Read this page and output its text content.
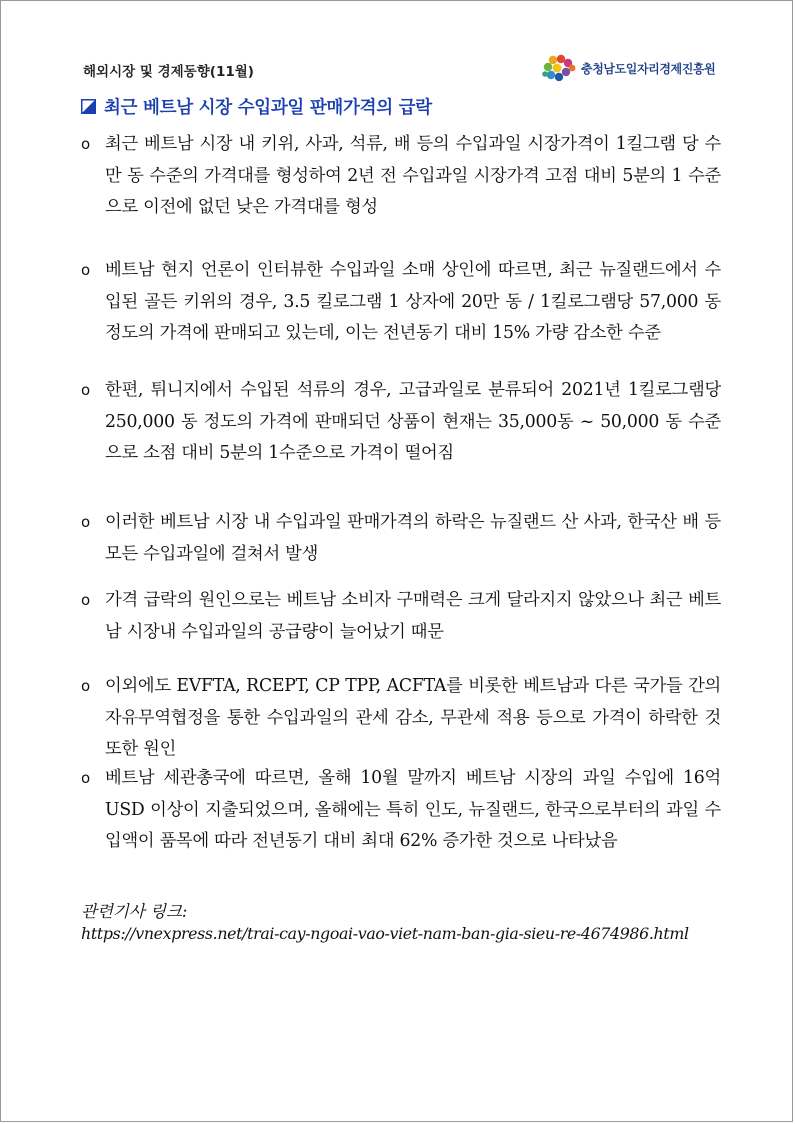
해외시장 및 경제동향(11월)	충청남도일자리경제진흥원
최근 베트남 시장 수입과일 판매가격의 급락
o 최근 베트남 시장 내 키위, 사과, 석류, 배 등의 수입과일 시장가격이 1킬그램 당 수만 동 수준의 가격대를 형성하여 2년 전 수입과일 시장가격 고점 대비 5분의 1 수준으로 이전에 없던 낮은 가격대를 형성
o 베트남 현지 언론이 인터뷰한 수입과일 소매 상인에 따르면, 최근 뉴질랜드에서 수입된 골든 키위의 경우, 3.5 킬로그램 1 상자에 20만 동 / 1킬로그램당 57,000 동 정도의 가격에 판매되고 있는데, 이는 전년동기 대비 15% 가량 감소한 수준
o 한편, 튀니지에서 수입된 석류의 경우, 고급과일로 분류되어 2021년 1킬로그램당 250,000 동 정도의 가격에 판매되던 상품이 현재는 35,000동 ~ 50,000 동 수준으로 소점 대비 5분의 1수준으로 가격이 떨어짐
o 이러한 베트남 시장 내 수입과일 판매가격의 하락은 뉴질랜드 산 사과, 한국산 배 등 모든 수입과일에 걸쳐서 발생
o 가격 급락의 원인으로는 베트남 소비자 구매력은 크게 달라지지 않았으나 최근 베트남 시장내 수입과일의 공급량이 늘어났기 때문
o 이외에도 EVFTA, RCEPT, CP TPP, ACFTA를 비롯한 베트남과 다른 국가들 간의 자유무역협정을 통한 수입과일의 관세 감소, 무관세 적용 등으로 가격이 하락한 것 또한 원인
o 베트남 세관총국에 따르면, 올해 10월 말까지 베트남 시장의 과일 수입에 16억 USD 이상이 지출되었으며, 올해에는 특히 인도, 뉴질랜드, 한국으로부터의 과일 수입액이 품목에 따라 전년동기 대비 최대 62% 증가한 것으로 나타났음
관련기사 링크:
https://vnexpress.net/trai-cay-ngoai-vao-viet-nam-ban-gia-sieu-re-4674986.html
